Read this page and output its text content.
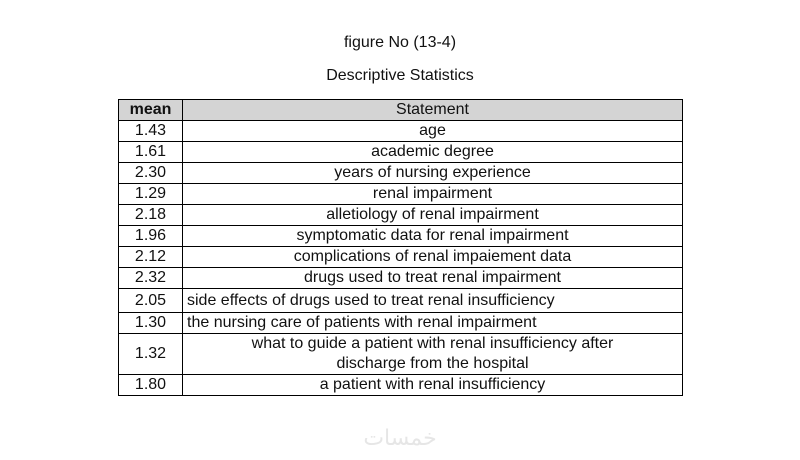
figure No (13-4)
Descriptive Statistics
mean	Statement
1.43	age
1.61	academic degree
2.30	years of nursing experience
1.29	renal impairment
2.18	alletiology of renal impairment
1.96	symptomatic data for renal impairment
2.12	complications of renal impaiement data
2.32	drugs used to treat renal impairment
2.05	side effects of drugs used to treat renal insufficiency
1.30	the nursing care of patients with renal impairment
1.32	what to guide a patient with renal insufficiency after
discharge from the hospital
1.80	a patient with renal insufficiency
خمسات
